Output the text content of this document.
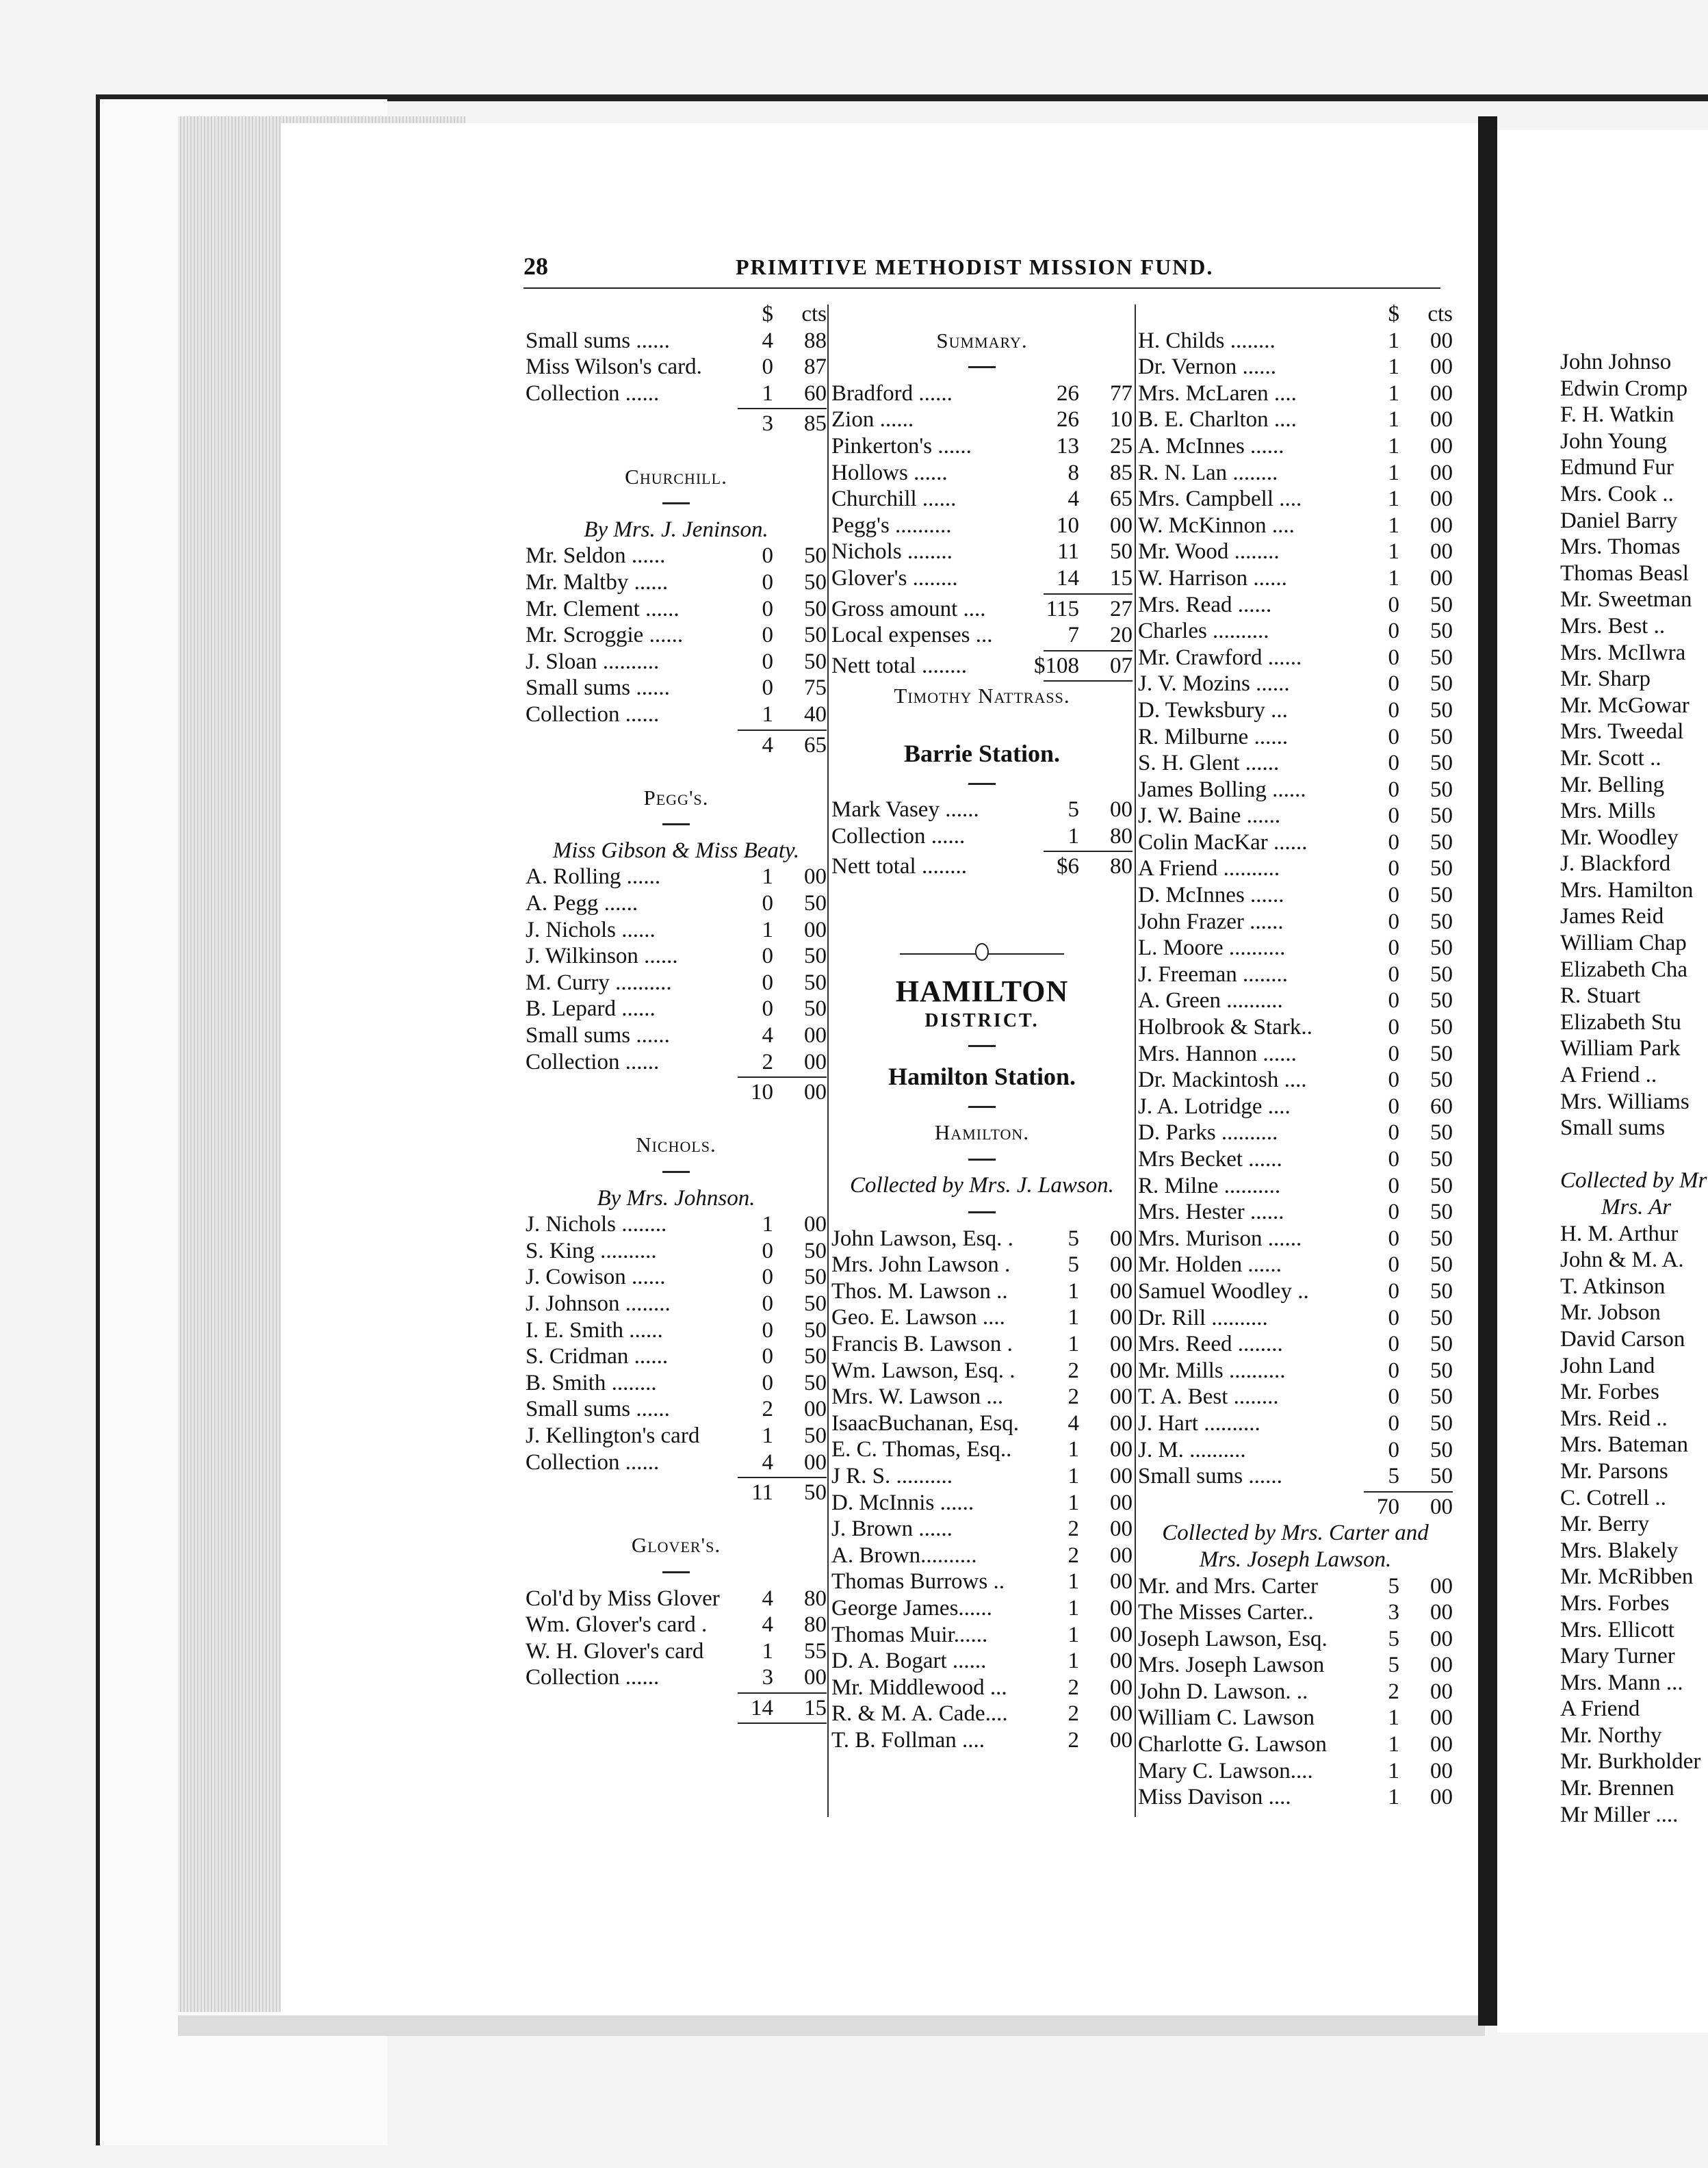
28	PRIMITIVE METHODIST MISSION FUND.
$	cts
Small sums ......	4	88
Miss Wilson's card.	0	87
Collection ......	1	60
3	85
Churchill.
By Mrs. J. Jeninson.
Mr. Seldon ......	0	50
Mr. Maltby ......	0	50
Mr. Clement ......	0	50
Mr. Scroggie ......	0	50
J. Sloan ..........	0	50
Small sums ......	0	75
Collection ......	1	40
4	65
Pegg's.
Miss Gibson & Miss Beaty.
A. Rolling ......	1	00
A. Pegg ......	0	50
J. Nichols ......	1	00
J. Wilkinson ......	0	50
M. Curry ..........	0	50
B. Lepard ......	0	50
Small sums ......	4	00
Collection ......	2	00
10	00
Nichols.
By Mrs. Johnson.
J. Nichols ........	1	00
S. King ..........	0	50
J. Cowison ......	0	50
J. Johnson ........	0	50
I. E. Smith ......	0	50
S. Cridman ......	0	50
B. Smith ........	0	50
Small sums ......	2	00
J. Kellington's card	1	50
Collection ......	4	00
11	50
Glover's.
Col'd by Miss Glover 4	80
Wm. Glover's card . 4	80
W. H. Glover's card	1	55
Collection ......	3	00
14	15
Summary.
Bradford ......	26	77
Zion ......	26	10
Pinkerton's ......	13	25
Hollows ......	8	85
Churchill ......	4	65
Pegg's ..........	10	00
Nichols ........	11	50
Glover's ........	14	15
Gross amount ....	115	27
Local expenses ...	7	20
Nett total ........	$108	07
Timothy Nattrass.
Barrie Station.
Mark Vasey ......	5	00
Collection ......	1	80
Nett total ........	$6	80
HAMILTON
DISTRICT.
Hamilton Station.
Hamilton.
Collected by Mrs. J. Lawson.
John Lawson, Esq. . 5	00
Mrs. John Lawson .	5	00
Thos. M. Lawson ..	1	00
Geo. E. Lawson ....	1	00
Francis B. Lawson . 1	00
Wm. Lawson, Esq. . 2	00
Mrs. W. Lawson ...	2	00
IsaacBuchanan, Esq. 4	00
E. C. Thomas, Esq.. 1	00
J R. S. ..........	1	00
D. McInnis ......	1	00
J. Brown ......	2	00
A. Brown..........	2	00
Thomas Burrows ..	1	00
George James......	1	00
Thomas Muir......	1	00
D. A. Bogart ......	1	00
Mr. Middlewood ...	2	00
R. & M. A. Cade....	2	00
T. B. Follman ....	2	00
$	cts
H. Childs ........	1	00
Dr. Vernon ......	1	00
Mrs. McLaren ....	1	00
B. E. Charlton ....	1	00
A. McInnes ......	1	00
R. N. Lan ........	1	00
Mrs. Campbell ....	1	00
W. McKinnon ....	1	00
Mr. Wood ........	1	00
W. Harrison ......	1	00
Mrs. Read ......	0	50
Charles ..........	0	50
Mr. Crawford ......	0	50
J. V. Mozins ......	0	50
D. Tewksbury ...	0	50
R. Milburne ......	0	50
S. H. Glent ......	0	50
James Bolling ......	0	50
J. W. Baine ......	0	50
Colin MacKar ......	0	50
A Friend ..........	0	50
D. McInnes ......	0	50
John Frazer ......	0	50
L. Moore ..........	0	50
J. Freeman ........	0	50
A. Green ..........	0	50
Holbrook & Stark..	0	50
Mrs. Hannon ......	0	50
Dr. Mackintosh ....	0	50
J. A. Lotridge ....	0	60
D. Parks ..........	0	50
Mrs Becket ......	0	50
R. Milne ..........	0	50
Mrs. Hester ......	0	50
Mrs. Murison ......	0	50
Mr. Holden ......	0	50
Samuel Woodley ..	0	50
Dr. Rill ..........	0	50
Mrs. Reed ........	0	50
Mr. Mills ..........	0	50
T. A. Best ........	0	50
J. Hart ..........	0	50
J. M. ..........	0	50
Small sums ......	5	50
70	00
Collected by Mrs. Carter and
Mrs. Joseph Lawson.
Mr. and Mrs. Carter	5	00
The Misses Carter..	3	00
Joseph Lawson, Esq.	5	00
Mrs. Joseph Lawson	5	00
John D. Lawson. ..	2	00
William C. Lawson	1	00
Charlotte G. Lawson	1	00
Mary C. Lawson....	1	00
Miss Davison ....	1	00
John Johnso
Edwin Cromp
F. H. Watkin
John Young
Edmund Fur
Mrs. Cook ..
Daniel Barry
Mrs. Thomas
Thomas Beasl
Mr. Sweetman
Mrs. Best ..
Mrs. McIlwra
Mr. Sharp
Mr. McGowar
Mrs. Tweedal
Mr. Scott ..
Mr. Belling
Mrs. Mills
Mr. Woodley
J. Blackford
Mrs. Hamilton
James Reid
William Chap
Elizabeth Cha
R. Stuart
Elizabeth Stu
William Park
A Friend ..
Mrs. Williams
Small sums
Collected by Mr
Mrs. Ar
H. M. Arthur
John & M. A.
T. Atkinson
Mr. Jobson
David Carson
John Land
Mr. Forbes
Mrs. Reid ..
Mrs. Bateman
Mr. Parsons
C. Cotrell ..
Mr. Berry
Mrs. Blakely
Mr. McRibben
Mrs. Forbes
Mrs. Ellicott
Mary Turner
Mrs. Mann ...
A Friend
Mr. Northy
Mr. Burkholder
Mr. Brennen
Mr Miller ....
